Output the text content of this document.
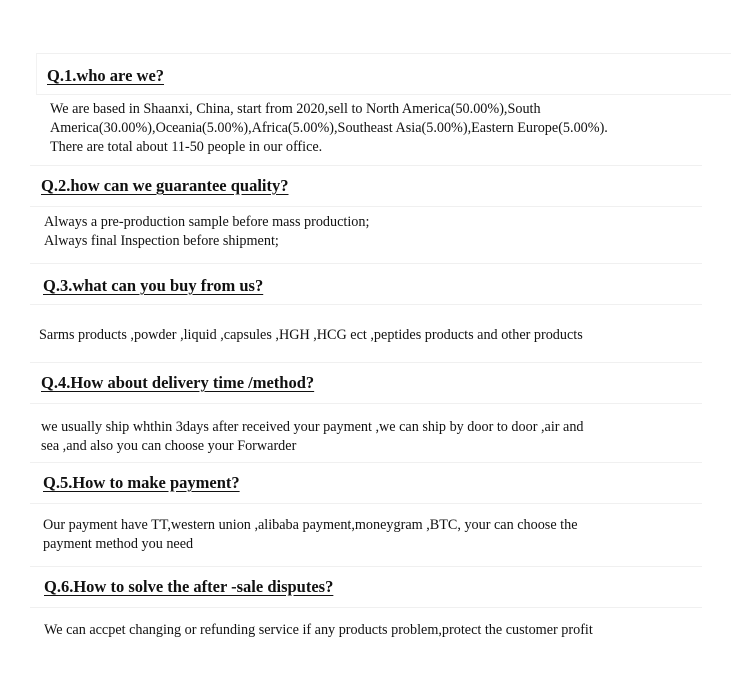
Q.1.who are we?
We are based in Shaanxi, China, start from 2020,sell to North America(50.00%),South
America(30.00%),Oceania(5.00%),Africa(5.00%),Southeast Asia(5.00%),Eastern Europe(5.00%).
There are total about 11-50 people in our office.
Q.2.how can we guarantee quality?
Always a pre-production sample before mass production;
Always final Inspection before shipment;
Q.3.what can you buy from us?
Sarms products ,powder ,liquid ,capsules ,HGH ,HCG ect ,peptides products and other products
Q.4.How about delivery time /method?
we usually ship whthin 3days after received your payment ,we can ship by door to door ,air and
sea ,and also you can choose your Forwarder
Q.5.How to make payment?
Our payment have TT,western union ,alibaba payment,moneygram ,BTC, your can choose the
payment method you need
Q.6.How to solve the after -sale disputes?
We can accpet changing or refunding service if any products problem,protect the customer profit
